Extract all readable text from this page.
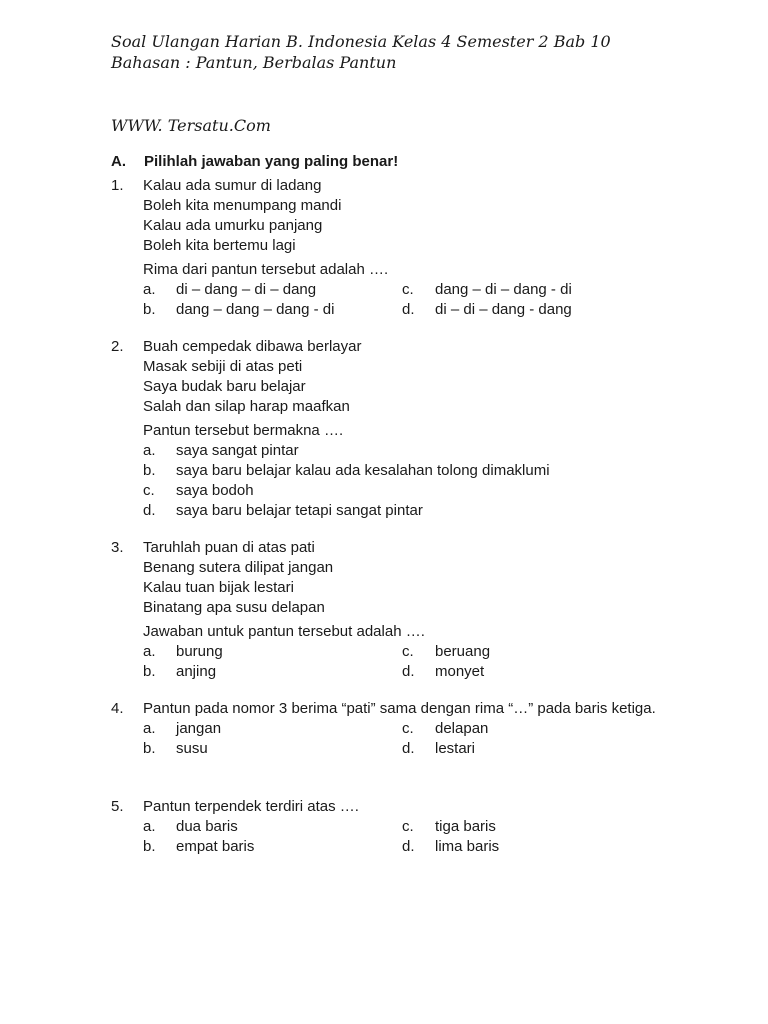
Soal Ulangan Harian B. Indonesia Kelas 4 Semester 2 Bab 10
Bahasan : Pantun, Berbalas Pantun
WWW. Tersatu.Com
A. Pilihlah jawaban yang paling benar!
1. Kalau ada sumur di ladang
Boleh kita menumpang mandi
Kalau ada umurku panjang
Boleh kita bertemu lagi
Rima dari pantun tersebut adalah ….
a. di – dang – di – dang	c. dang – di – dang - di
b. dang – dang – dang - di	d. di – di – dang - dang
2. Buah cempedak dibawa berlayar
Masak sebiji di atas peti
Saya budak baru belajar
Salah dan silap harap maafkan
Pantun tersebut bermakna ….
a. saya sangat pintar
b. saya baru belajar kalau ada kesalahan tolong dimaklumi
c. saya bodoh
d. saya baru belajar tetapi sangat pintar
3. Taruhlah puan di atas pati
Benang sutera dilipat jangan
Kalau tuan bijak lestari
Binatang apa susu delapan
Jawaban untuk pantun tersebut adalah ….
a. burung	c. beruang
b. anjing	d. monyet
4. Pantun pada nomor 3 berima “pati” sama dengan rima “…” pada baris ketiga.
a. jangan	c. delapan
b. susu	d. lestari
5. Pantun terpendek terdiri atas ….
a. dua baris	c. tiga baris
b. empat baris	d. lima baris
